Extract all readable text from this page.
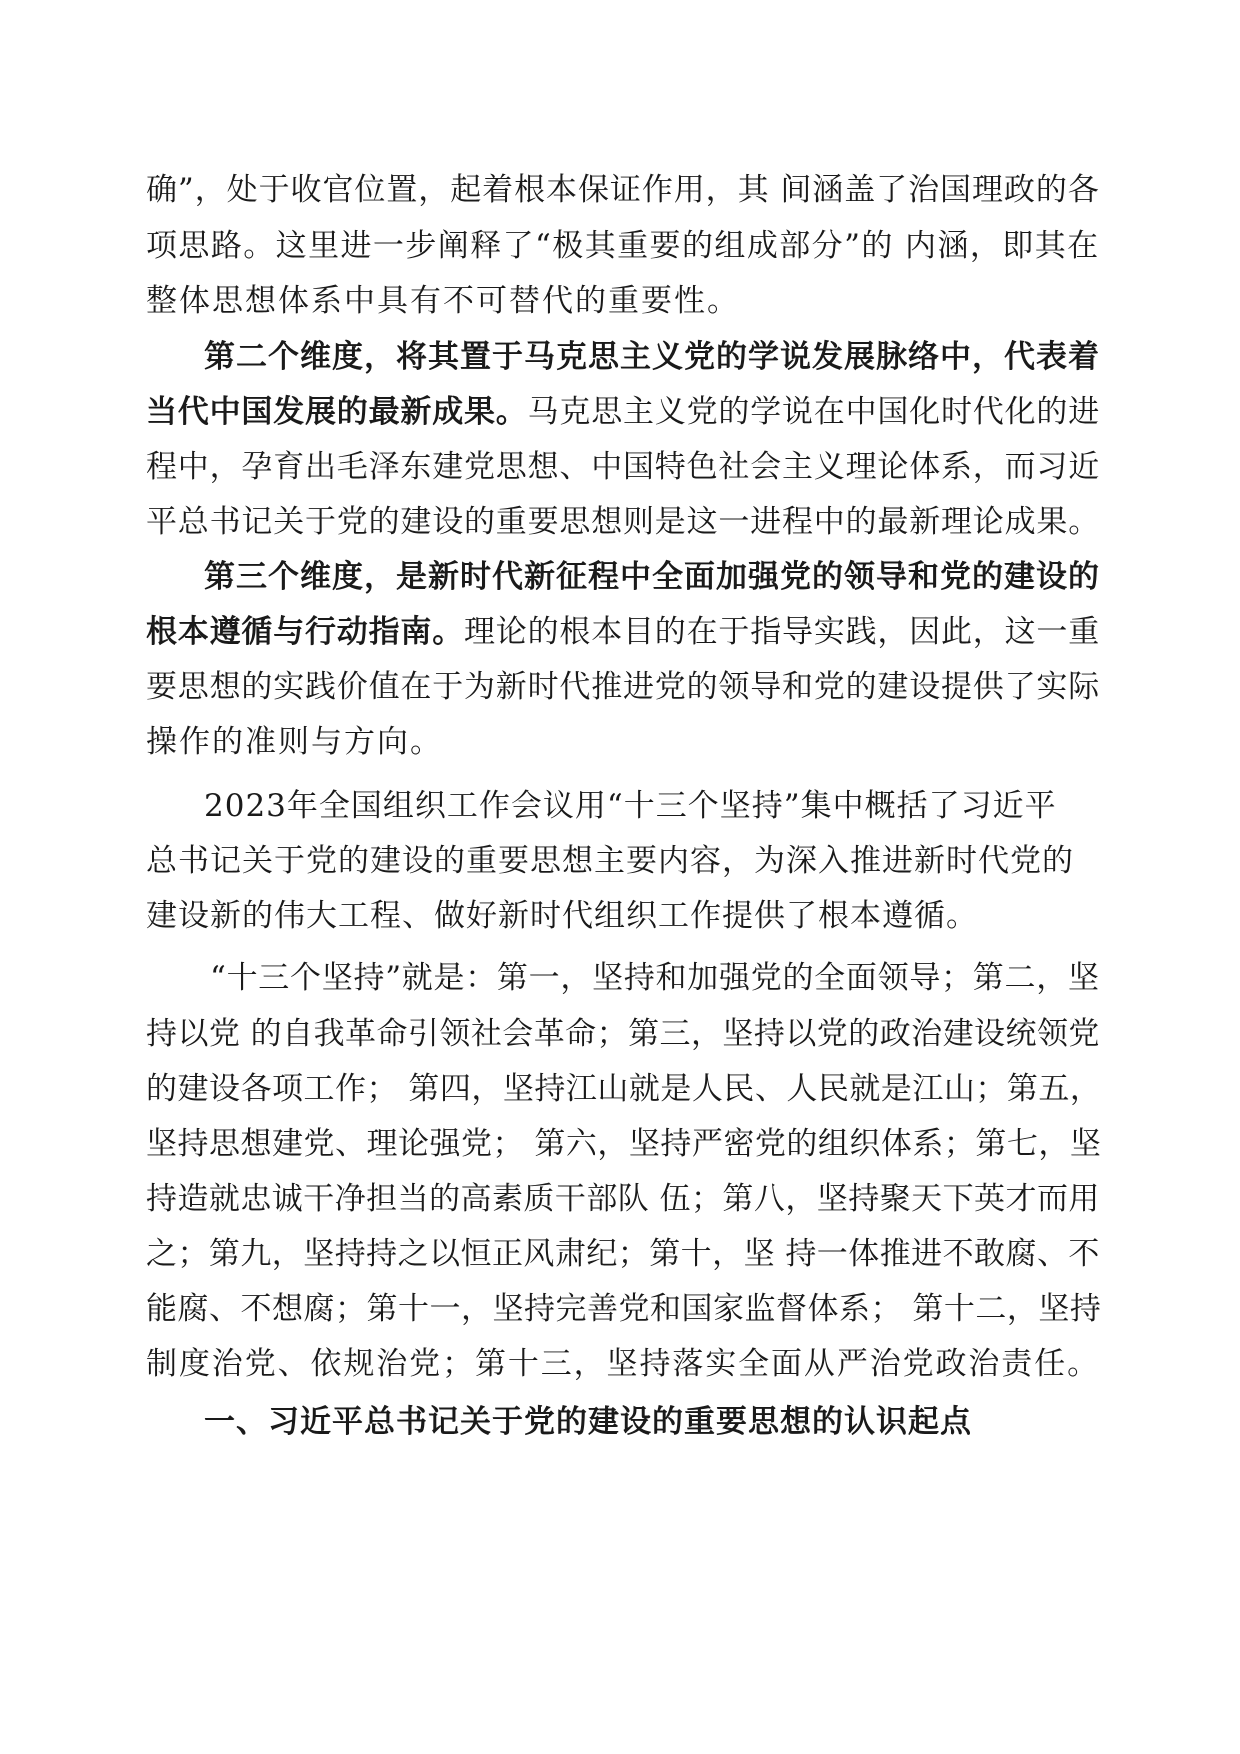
确”，处于收官位置，起着根本保证作用，其 间涵盖了治国理政的各
项思路。这里进一步阐释了“极其重要的组成部分”的 内涵，即其在
整体思想体系中具有不可替代的重要性。
第二个维度，将其置于马克思主义党的学说发展脉络中，代表着
当代中国发展的最新成果。马克思主义党的学说在中国化时代化的进
程中，孕育出毛泽东建党思想、中国特色社会主义理论体系，而习近
平总书记关于党的建设的重要思想则是这一进程中的最新理论成果。
第三个维度，是新时代新征程中全面加强党的领导和党的建设的
根本遵循与行动指南。理论的根本目的在于指导实践，因此，这一重
要思想的实践价值在于为新时代推进党的领导和党的建设提供了实际
操作的准则与方向。
2023年全国组织工作会议用“十三个坚持”集中概括了习近平
总书记关于党的建设的重要思想主要内容，为深入推进新时代党的
建设新的伟大工程、做好新时代组织工作提供了根本遵循。
“十三个坚持”就是：第一，坚持和加强党的全面领导；第二，坚
持以党 的自我革命引领社会革命；第三，坚持以党的政治建设统领党
的建设各项工作； 第四，坚持江山就是人民、人民就是江山；第五，
坚持思想建党、理论强党； 第六，坚持严密党的组织体系；第七，坚
持造就忠诚干净担当的高素质干部队 伍；第八，坚持聚天下英才而用
之；第九，坚持持之以恒正风肃纪；第十，坚 持一体推进不敢腐、不
能腐、不想腐；第十一，坚持完善党和国家监督体系； 第十二，坚持
制度治党、依规治党；第十三，坚持落实全面从严治党政治责任。
一、习近平总书记关于党的建设的重要思想的认识起点
